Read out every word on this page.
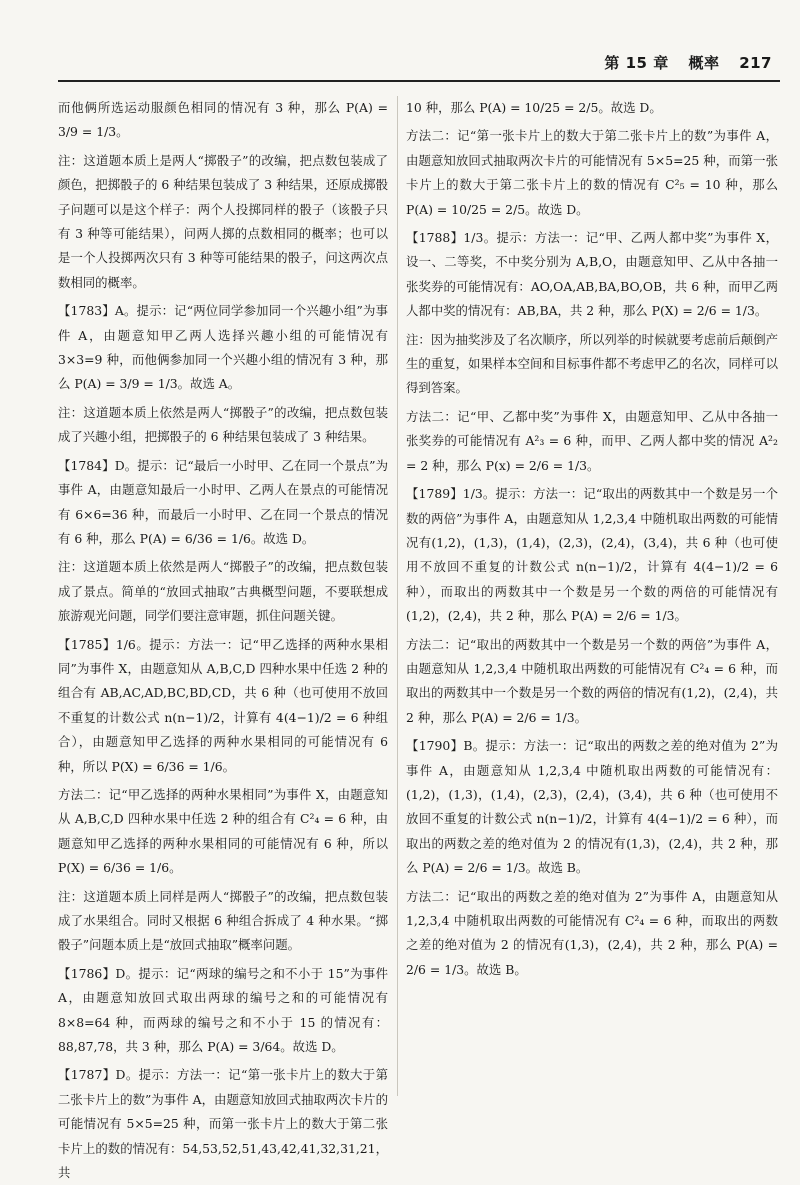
第 15 章 概率 217

而他俩所选运动服颜色相同的情况有 3 种，那么 P(A) = 3/9 = 1/3。

注：这道题本质上是两人“掷骰子”的改编，把点数包装成了颜色，把掷骰子的 6 种结果包装成了 3 种结果，还原成掷骰子问题可以是这个样子：两个人投掷同样的骰子（该骰子只有 3 种等可能结果），问两人掷的点数相同的概率；也可以是一个人投掷两次只有 3 种等可能结果的骰子，问这两次点数相同的概率。

【1783】A。提示：记“两位同学参加同一个兴趣小组”为事件 A，由题意知甲乙两人选择兴趣小组的可能情况有 3×3=9 种，而他俩参加同一个兴趣小组的情况有 3 种，那么 P(A) = 3/9 = 1/3。故选 A。

注：这道题本质上依然是两人“掷骰子”的改编，把点数包装成了兴趣小组，把掷骰子的 6 种结果包装成了 3 种结果。

【1784】D。提示：记“最后一小时甲、乙在同一个景点”为事件 A，由题意知最后一小时甲、乙两人在景点的可能情况有 6×6=36 种，而最后一小时甲、乙在同一个景点的情况有 6 种，那么 P(A) = 6/36 = 1/6。故选 D。

注：这道题本质上依然是两人“掷骰子”的改编，把点数包装成了景点。简单的“放回式抽取”古典概型问题，不要联想成旅游观光问题，同学们要注意审题，抓住问题关键。

【1785】1/6。提示：方法一：记“甲乙选择的两种水果相同”为事件 X，由题意知从 A,B,C,D 四种水果中任选 2 种的组合有 AB,AC,AD,BC,BD,CD，共 6 种（也可使用不放回不重复的计数公式 n(n−1)/2，计算有 4(4−1)/2 = 6 种组合），由题意知甲乙选择的两种水果相同的可能情况有 6 种，所以 P(X) = 6/36 = 1/6。

方法二：记“甲乙选择的两种水果相同”为事件 X，由题意知从 A,B,C,D 四种水果中任选 2 种的组合有 C²₄ = 6 种，由题意知甲乙选择的两种水果相同的可能情况有 6 种，所以 P(X) = 6/36 = 1/6。

注：这道题本质上同样是两人“掷骰子”的改编，把点数包装成了水果组合。同时又根据 6 种组合拆成了 4 种水果。“掷骰子”问题本质上是“放回式抽取”概率问题。

【1786】D。提示：记“两球的编号之和不小于 15”为事件 A，由题意知放回式取出两球的编号之和的可能情况有 8×8=64 种，而两球的编号之和不小于 15 的情况有：88,87,78，共 3 种，那么 P(A) = 3/64。故选 D。

【1787】D。提示：方法一：记“第一张卡片上的数大于第二张卡片上的数”为事件 A，由题意知放回式抽取两次卡片的可能情况有 5×5=25 种，而第一张卡片上的数大于第二张卡片上的数的情况有：54,53,52,51,43,42,41,32,31,21，共

10 种，那么 P(A) = 10/25 = 2/5。故选 D。

方法二：记“第一张卡片上的数大于第二张卡片上的数”为事件 A，由题意知放回式抽取两次卡片的可能情况有 5×5=25 种，而第一张卡片上的数大于第二张卡片上的数的情况有 C²₅ = 10 种，那么 P(A) = 10/25 = 2/5。故选 D。

【1788】1/3。提示：方法一：记“甲、乙两人都中奖”为事件 X，设一、二等奖，不中奖分别为 A,B,O，由题意知甲、乙从中各抽一张奖券的可能情况有：AO,OA,AB,BA,BO,OB，共 6 种，而甲乙两人都中奖的情况有：AB,BA，共 2 种，那么 P(X) = 2/6 = 1/3。

注：因为抽奖涉及了名次顺序，所以列举的时候就要考虑前后颠倒产生的重复，如果样本空间和目标事件都不考虑甲乙的名次，同样可以得到答案。

方法二：记“甲、乙都中奖”为事件 X，由题意知甲、乙从中各抽一张奖券的可能情况有 A²₃ = 6 种，而甲、乙两人都中奖的情况 A²₂ = 2 种，那么 P(x) = 2/6 = 1/3。

【1789】1/3。提示：方法一：记“取出的两数其中一个数是另一个数的两倍”为事件 A，由题意知从 1,2,3,4 中随机取出两数的可能情况有(1,2)，(1,3)，(1,4)，(2,3)，(2,4)，(3,4)，共 6 种（也可使用不放回不重复的计数公式 n(n−1)/2，计算有 4(4−1)/2 = 6 种），而取出的两数其中一个数是另一个数的两倍的可能情况有(1,2)，(2,4)，共 2 种，那么 P(A) = 2/6 = 1/3。

方法二：记“取出的两数其中一个数是另一个数的两倍”为事件 A，由题意知从 1,2,3,4 中随机取出两数的可能情况有 C²₄ = 6 种，而取出的两数其中一个数是另一个数的两倍的情况有(1,2)，(2,4)，共 2 种，那么 P(A) = 2/6 = 1/3。

【1790】B。提示：方法一：记“取出的两数之差的绝对值为 2”为事件 A，由题意知从 1,2,3,4 中随机取出两数的可能情况有：(1,2)，(1,3)，(1,4)，(2,3)，(2,4)，(3,4)，共 6 种（也可使用不放回不重复的计数公式 n(n−1)/2，计算有 4(4−1)/2 = 6 种），而取出的两数之差的绝对值为 2 的情况有(1,3)，(2,4)，共 2 种，那么 P(A) = 2/6 = 1/3。故选 B。

方法二：记“取出的两数之差的绝对值为 2”为事件 A，由题意知从 1,2,3,4 中随机取出两数的可能情况有 C²₄ = 6 种，而取出的两数之差的绝对值为 2 的情况有(1,3)，(2,4)，共 2 种，那么 P(A) = 2/6 = 1/3。故选 B。
